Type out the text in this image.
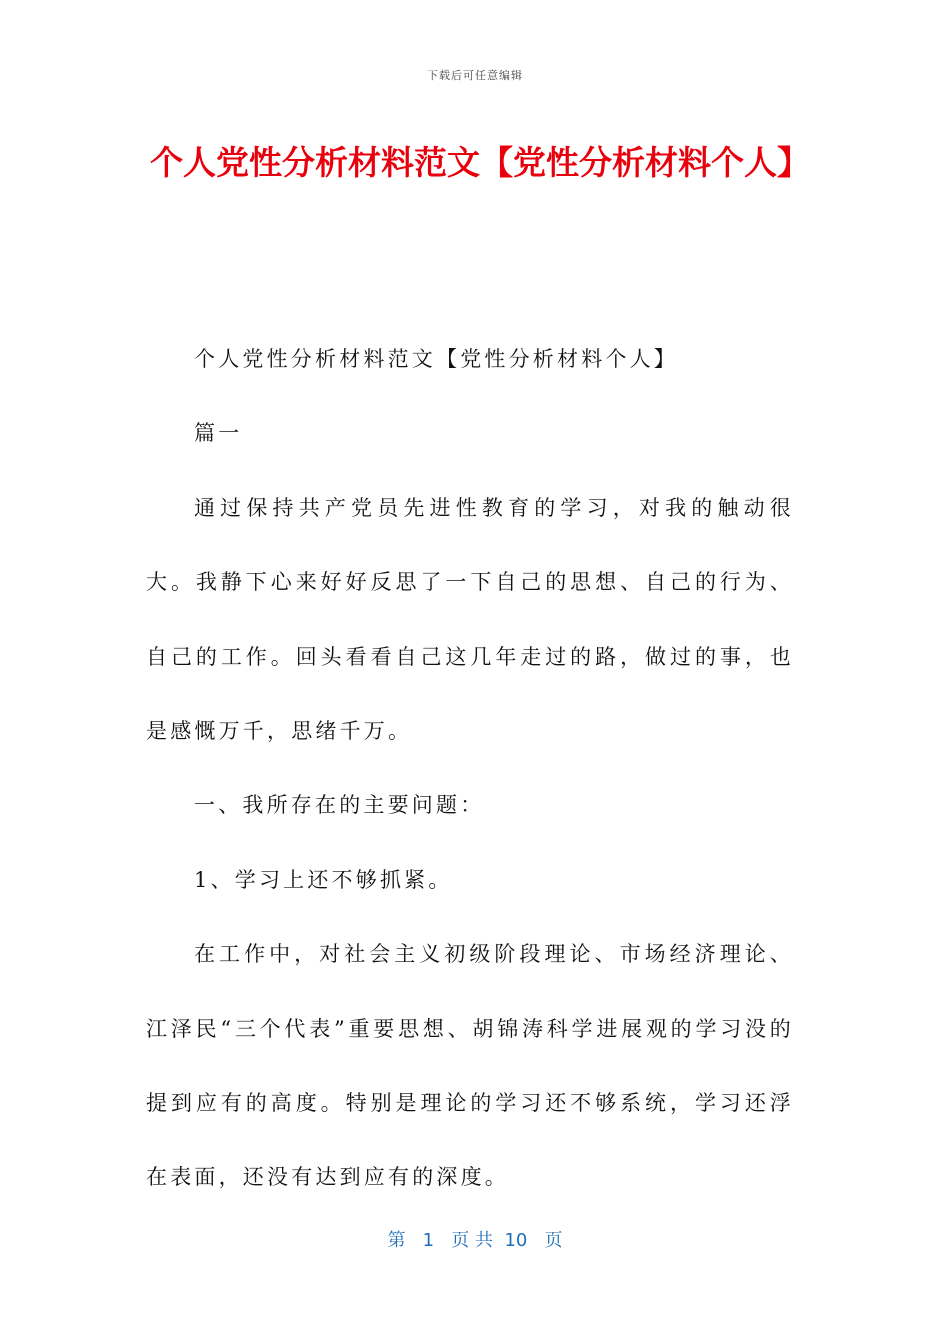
下载后可任意编辑
个人党性分析材料范文【党性分析材料个人】

个人党性分析材料范文【党性分析材料个人】

篇一

通过保持共产党员先进性教育的学习，对我的触动很大。我静下心来好好反思了一下自己的思想、自己的行为、自己的工作。回头看看自己这几年走过的路，做过的事，也是感慨万千，思绪千万。

一、我所存在的主要问题：

1、学习上还不够抓紧。

在工作中，对社会主义初级阶段理论、市场经济理论、江泽民“三个代表”重要思想、胡锦涛科学进展观的学习没的提到应有的高度。特别是理论的学习还不够系统，学习还浮在表面，还没有达到应有的深度。

第 1 页 共 10 页
